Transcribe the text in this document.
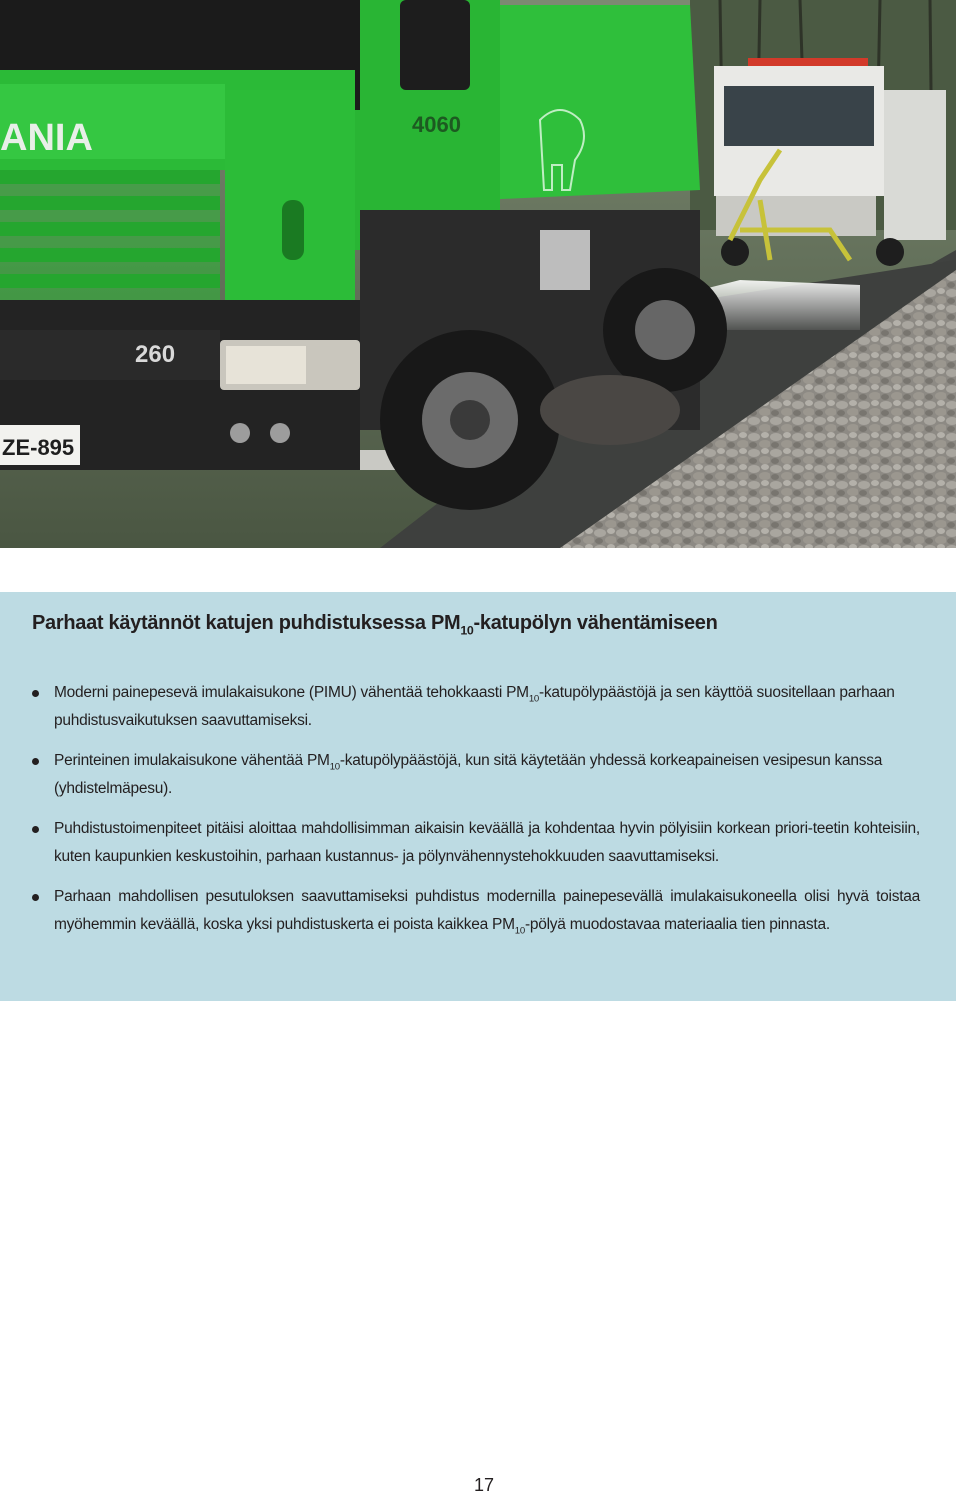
ANIA	4060
260
ZE-895
Parhaat käytännöt katujen puhdistuksessa $PM_{10}$-katupölyn vähentämiseen
Moderni painepesevä imulakaisukone (PIMU) vähentää tehokkaasti $PM_{10}$-katupölypäästöjä ja sen käyttöä suositellaan parhaan puhdistusvaikutuksen saavuttamiseksi.
Perinteinen imulakaisukone vähentää $PM_{10}$-katupölypäästöjä, kun sitä käytetään yhdessä korkeapaineisen vesipesun kanssa (yhdistelmäpesu).
Puhdistustoimenpiteet pitäisi aloittaa mahdollisimman aikaisin keväällä ja kohdentaa hyvin pölyisiin korkean priori-teetin kohteisiin, kuten kaupunkien keskustoihin, parhaan kustannus- ja pölynvähennystehokkuuden saavuttamiseksi.
Parhaan mahdollisen pesutuloksen saavuttamiseksi puhdistus modernilla painepesevällä imulakaisukoneella olisi hyvä toistaa myöhemmin keväällä, koska yksi puhdistuskerta ei poista kaikkea $PM_{10}$-pölyä muodostavaa materiaalia tien pinnasta.
17
